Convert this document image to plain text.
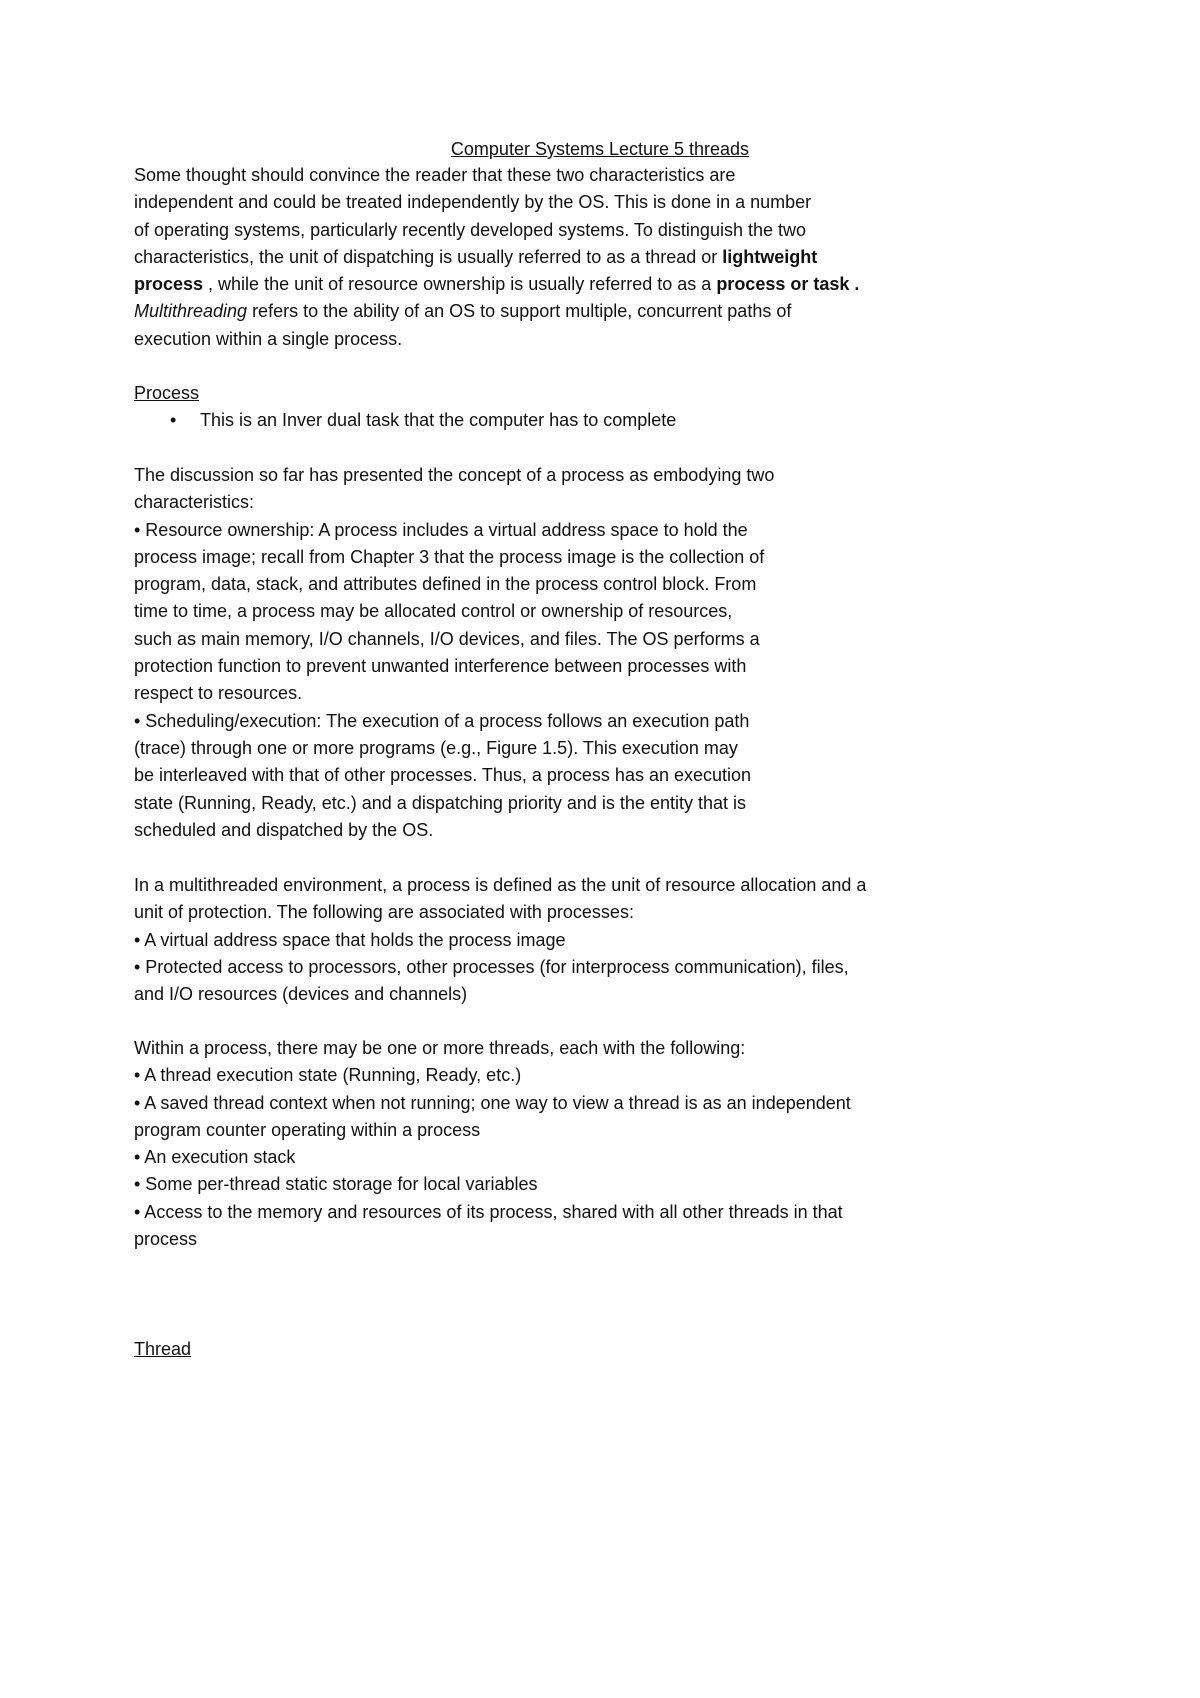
Computer Systems Lecture 5 threads
Some thought should convince the reader that these two characteristics are
independent and could be treated independently by the OS. This is done in a number
of operating systems, particularly recently developed systems. To distinguish the two
characteristics, the unit of dispatching is usually referred to as a thread or lightweight
process , while the unit of resource ownership is usually referred to as a process or task .
Multithreading refers to the ability of an OS to support multiple, concurrent paths of
execution within a single process.
Process
• This is an Inver dual task that the computer has to complete
The discussion so far has presented the concept of a process as embodying two
characteristics:
• Resource ownership: A process includes a virtual address space to hold the
process image; recall from Chapter 3 that the process image is the collection of
program, data, stack, and attributes defined in the process control block. From
time to time, a process may be allocated control or ownership of resources,
such as main memory, I/O channels, I/O devices, and files. The OS performs a
protection function to prevent unwanted interference between processes with
respect to resources.
• Scheduling/execution: The execution of a process follows an execution path
(trace) through one or more programs (e.g., Figure 1.5). This execution may
be interleaved with that of other processes. Thus, a process has an execution
state (Running, Ready, etc.) and a dispatching priority and is the entity that is
scheduled and dispatched by the OS.
In a multithreaded environment, a process is defined as the unit of resource allocation and a
unit of protection. The following are associated with processes:
• A virtual address space that holds the process image
• Protected access to processors, other processes (for interprocess communication), files,
and I/O resources (devices and channels)
Within a process, there may be one or more threads, each with the following:
• A thread execution state (Running, Ready, etc.)
• A saved thread context when not running; one way to view a thread is as an independent
program counter operating within a process
• An execution stack
• Some per-thread static storage for local variables
• Access to the memory and resources of its process, shared with all other threads in that
process
Thread
